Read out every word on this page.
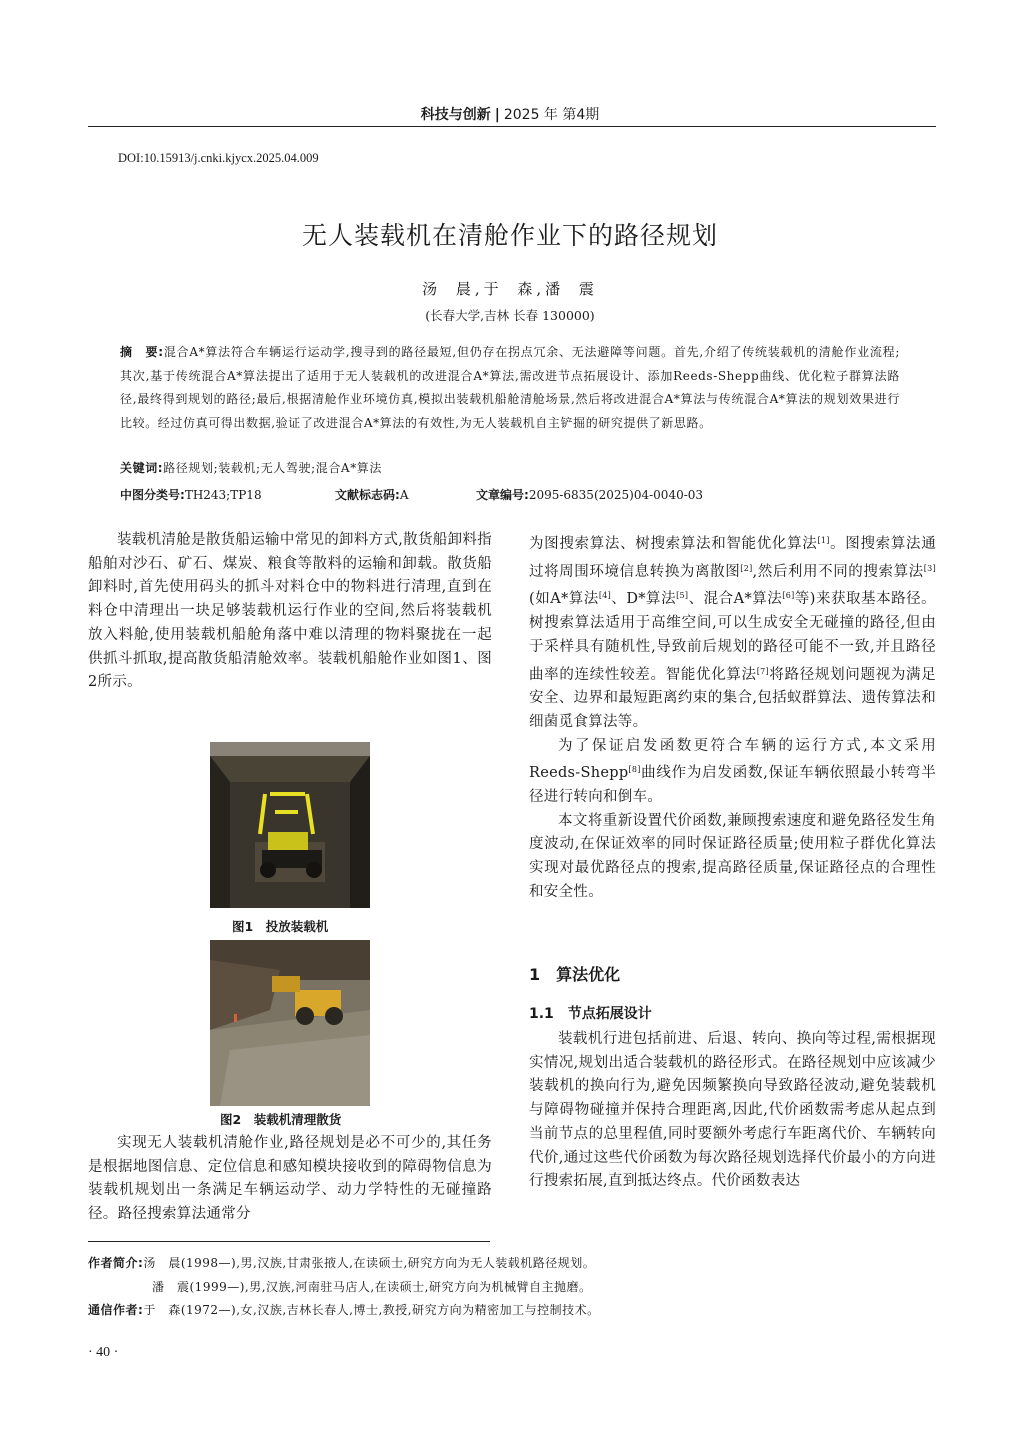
科技与创新 | 2025 年 第4期
DOI:10.15913/j.cnki.kjycx.2025.04.009
无人装载机在清舱作业下的路径规划
汤 晨,于 森,潘 震
(长春大学,吉林 长春 130000)
摘　要:混合A*算法符合车辆运行运动学,搜寻到的路径最短,但仍存在拐点冗余、无法避障等问题。首先,介绍了传统装载机的清舱作业流程;其次,基于传统混合A*算法提出了适用于无人装载机的改进混合A*算法,需改进节点拓展设计、添加Reeds-Shepp曲线、优化粒子群算法路径,最终得到规划的路径;最后,根据清舱作业环境仿真,模拟出装载机船舱清舱场景,然后将改进混合A*算法与传统混合A*算法的规划效果进行比较。经过仿真可得出数据,验证了改进混合A*算法的有效性,为无人装载机自主铲掘的研究提供了新思路。
关键词:路径规划;装载机;无人驾驶;混合A*算法
中图分类号:TH243;TP18	文献标志码:A	文章编号:2095-6835(2025)04-0040-03

装载机清舱是散货船运输中常见的卸料方式,散货船卸料指船舶对沙石、矿石、煤炭、粮食等散料的运输和卸载。散货船卸料时,首先使用码头的抓斗对料仓中的物料进行清理,直到在料仓中清理出一块足够装载机运行作业的空间,然后将装载机放入料舱,使用装载机船舱角落中难以清理的物料聚拢在一起供抓斗抓取,提高散货船清舱效率。装载机船舱作业如图1、图2所示。

图1　投放装载机
图2　装载机清理散货

实现无人装载机清舱作业,路径规划是必不可少的,其任务是根据地图信息、定位信息和感知模块接收到的障碍物信息为装载机规划出一条满足车辆运动学、动力学特性的无碰撞路径。路径搜索算法通常分

为图搜索算法、树搜索算法和智能优化算法[1]。图搜索算法通过将周围环境信息转换为离散图[2],然后利用不同的搜索算法[3](如A*算法[4]、D*算法[5]、混合A*算法[6]等)来获取基本路径。树搜索算法适用于高维空间,可以生成安全无碰撞的路径,但由于采样具有随机性,导致前后规划的路径可能不一致,并且路径曲率的连续性较差。智能优化算法[7]将路径规划问题视为满足安全、边界和最短距离约束的集合,包括蚁群算法、遗传算法和细菌觅食算法等。

为了保证启发函数更符合车辆的运行方式,本文采用Reeds-Shepp[8]曲线作为启发函数,保证车辆依照最小转弯半径进行转向和倒车。

本文将重新设置代价函数,兼顾搜索速度和避免路径发生角度波动,在保证效率的同时保证路径质量;使用粒子群优化算法实现对最优路径点的搜索,提高路径质量,保证路径点的合理性和安全性。

1　算法优化
1.1　节点拓展设计

装载机行进包括前进、后退、转向、换向等过程,需根据现实情况,规划出适合装载机的路径形式。在路径规划中应该减少装载机的换向行为,避免因频繁换向导致路径波动,避免装载机与障碍物碰撞并保持合理距离,因此,代价函数需考虑从起点到当前节点的总里程值,同时要额外考虑行车距离代价、车辆转向代价,通过这些代价函数为每次路径规划选择代价最小的方向进行搜索拓展,直到抵达终点。代价函数表达

作者简介:汤　晨(1998—),男,汉族,甘肃张掖人,在读硕士,研究方向为无人装载机路径规划。
潘　震(1999—),男,汉族,河南驻马店人,在读硕士,研究方向为机械臂自主抛磨。
通信作者:于　森(1972—),女,汉族,吉林长春人,博士,教授,研究方向为精密加工与控制技术。
· 40 ·
